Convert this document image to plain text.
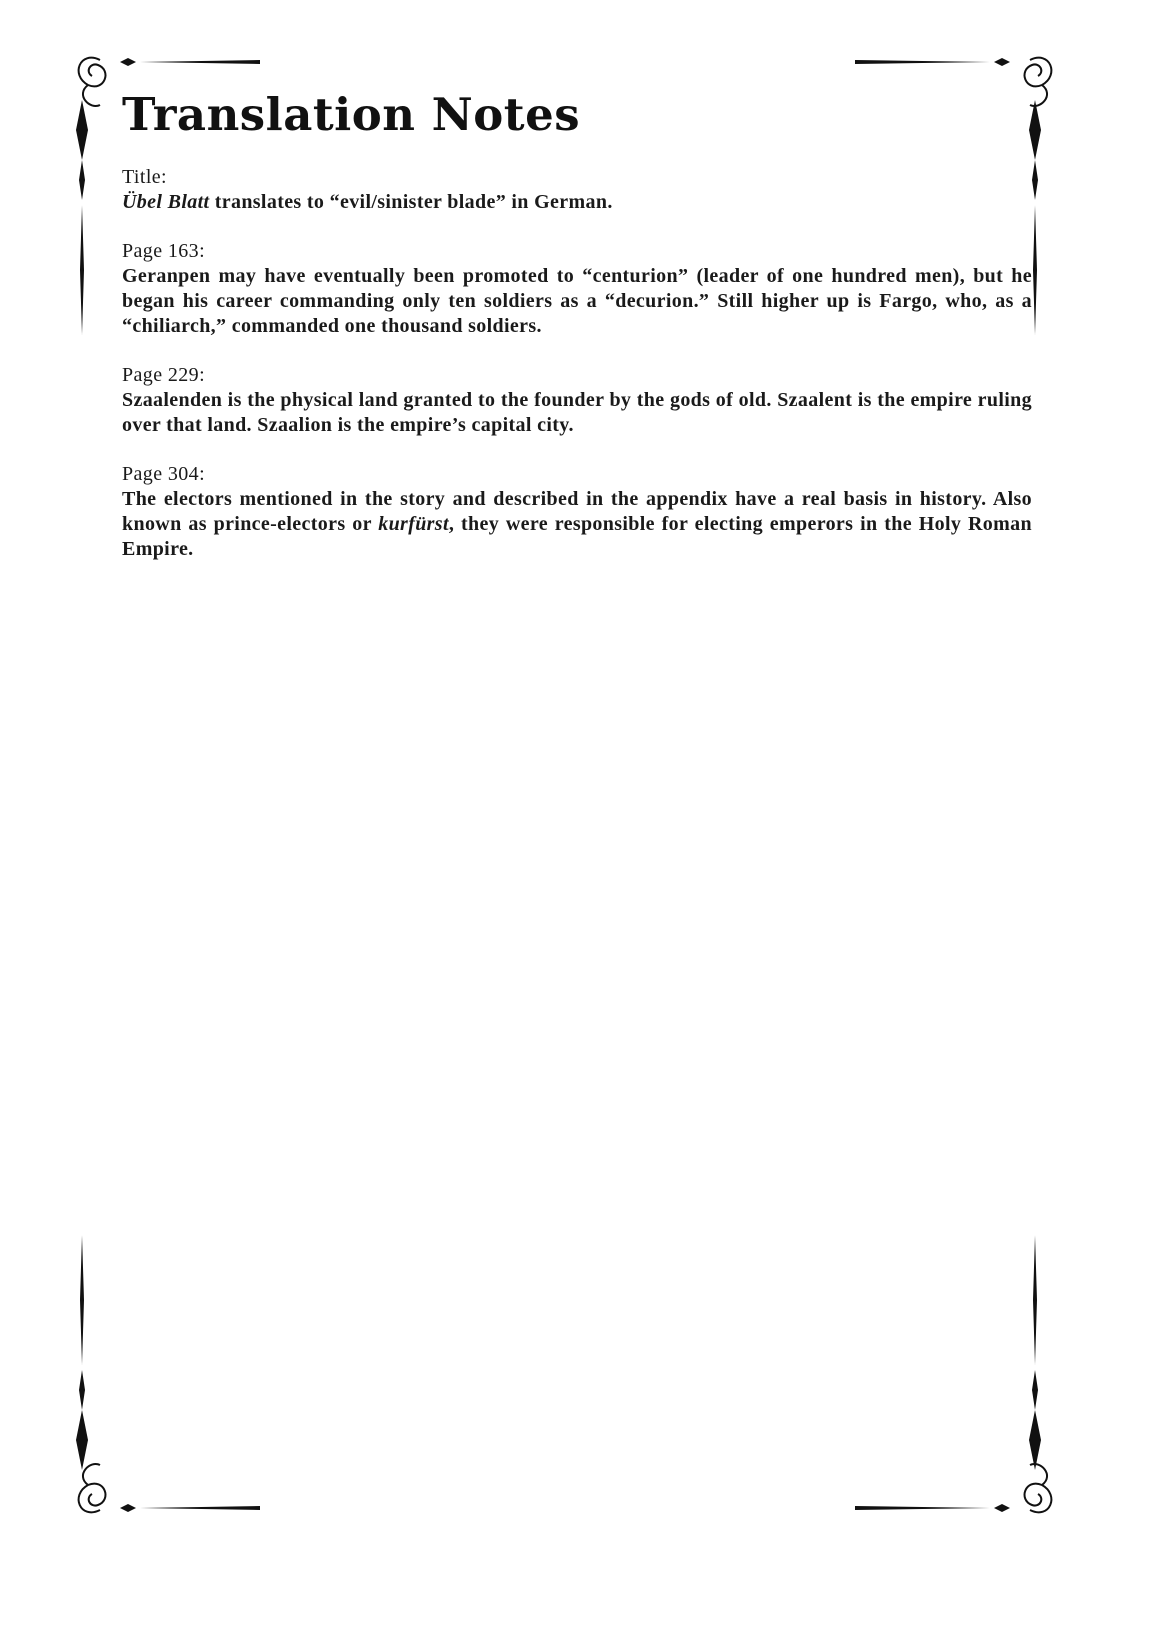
Translation Notes
Title:
Übel Blatt translates to “evil/sinister blade” in German.
Page 163:
Geranpen may have eventually been promoted to “centurion” (leader of one hundred men), but he began his career commanding only ten soldiers as a “decurion.” Still higher up is Fargo, who, as a “chiliarch,” commanded one thousand soldiers.
Page 229:
Szaalenden is the physical land granted to the founder by the gods of old. Szaalent is the empire ruling over that land. Szaalion is the empire’s capital city.
Page 304:
The electors mentioned in the story and described in the appendix have a real basis in history. Also known as prince-electors or kurfürst, they were responsible for electing emperors in the Holy Roman Empire.
